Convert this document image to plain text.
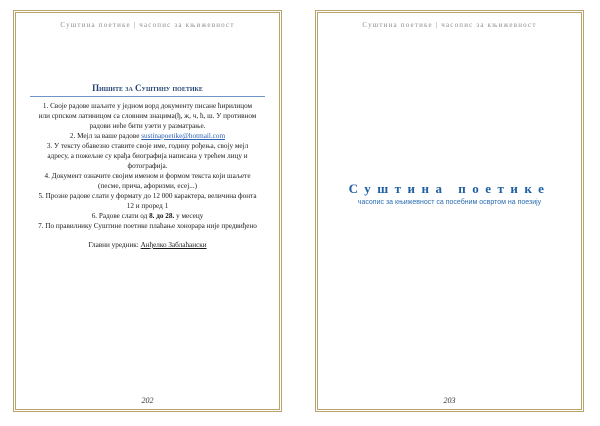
Суштина поетике | часопис за књижевност
Пишите за Суштину поетике

1. Своје радове шаљите у једном ворд документу писане ћирилицом или српском латиницом са словним знацима(ђ, ж, ч, ћ, ш. У противном радови неће бити узети у разматрање.

2. Мејл за ваше радове sustinapoetike@hotmail.com

3. У тексту обавезно ставите своје име, годину рођења, своју мејл адресу, а пожељне су крађа биографија написана у трећем лицу и фотографија.

4. Документ означите својим именом и формом текста који шаљете (песме, прича, афоризми, есеј...)

5. Прозне радове слати у формату до 12 000 карактера, величина фонта 12 и проред 1

6. Радове слати од 8. до 28. у месецу

7. По правилнику Суштине поетике плаћање хонорара није предвиђено

Главни уредник: Анђелко Заблаћански

202
Суштина поетике | часопис за књижевност
Суштина поетике
часопис за књижевност са посебним освртом на поезију
203
